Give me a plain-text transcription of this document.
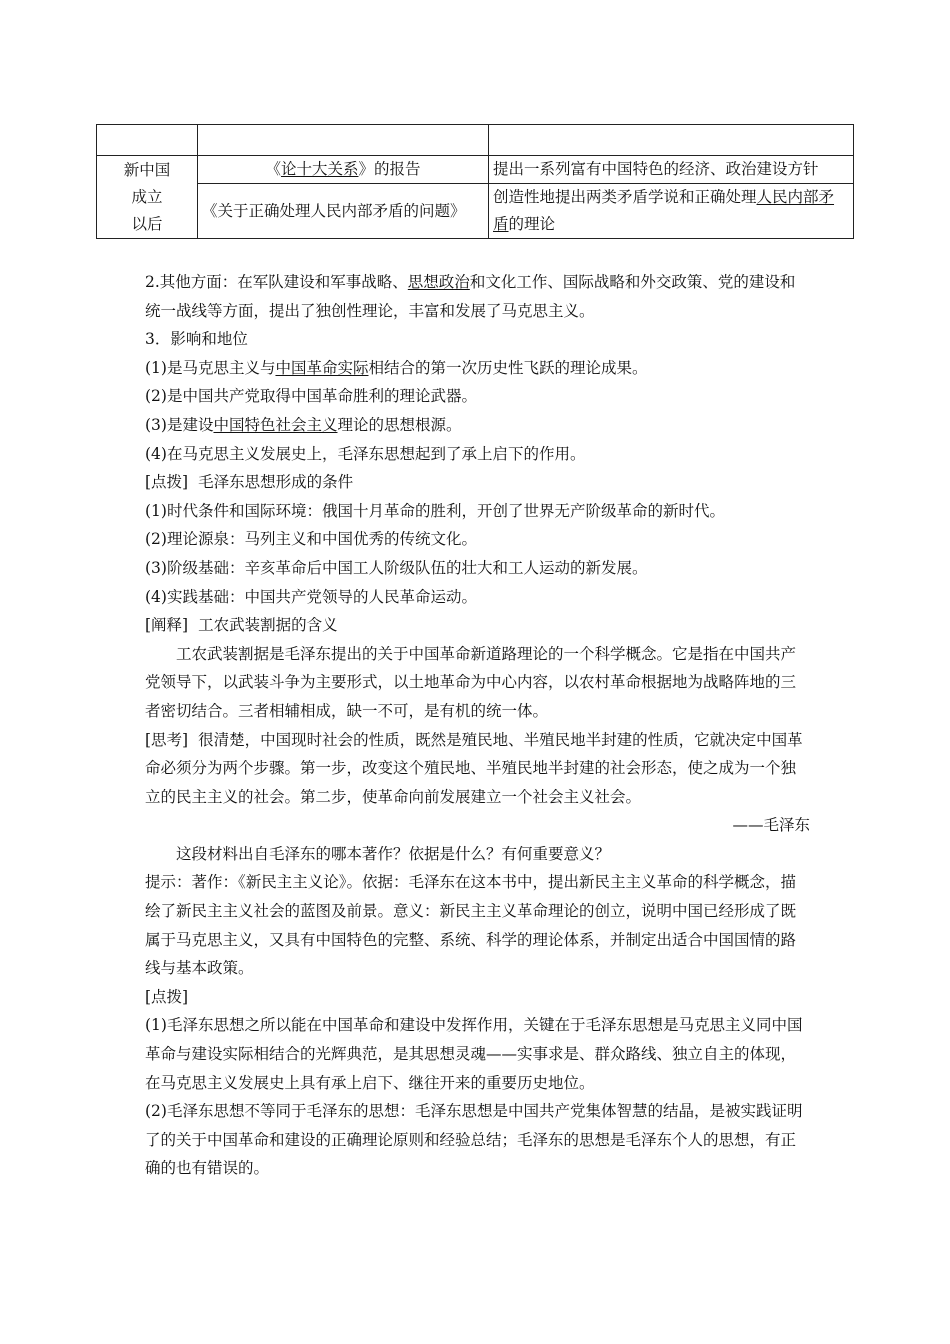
新中国
成立
以后	《论十大关系》的报告	提出一系列富有中国特色的经济、政治建设方针
	《关于正确处理人民内部矛盾的问题》	创造性地提出两类矛盾学说和正确处理人民内部矛盾的理论

2.其他方面：在军队建设和军事战略、思想政治和文化工作、国际战略和外交政策、党的建设和统一战线等方面，提出了独创性理论，丰富和发展了马克思主义。

3．影响和地位

(1)是马克思主义与中国革命实际相结合的第一次历史性飞跃的理论成果。

(2)是中国共产党取得中国革命胜利的理论武器。

(3)是建设中国特色社会主义理论的思想根源。

(4)在马克思主义发展史上，毛泽东思想起到了承上启下的作用。

[点拨] 毛泽东思想形成的条件

(1)时代条件和国际环境：俄国十月革命的胜利，开创了世界无产阶级革命的新时代。

(2)理论源泉：马列主义和中国优秀的传统文化。

(3)阶级基础：辛亥革命后中国工人阶级队伍的壮大和工人运动的新发展。

(4)实践基础：中国共产党领导的人民革命运动。

[阐释] 工农武装割据的含义

工农武装割据是毛泽东提出的关于中国革命新道路理论的一个科学概念。它是指在中国共产党领导下，以武装斗争为主要形式，以土地革命为中心内容，以农村革命根据地为战略阵地的三者密切结合。三者相辅相成，缺一不可，是有机的统一体。

[思考] 很清楚，中国现时社会的性质，既然是殖民地、半殖民地半封建的性质，它就决定中国革命必须分为两个步骤。第一步，改变这个殖民地、半殖民地半封建的社会形态，使之成为一个独立的民主主义的社会。第二步，使革命向前发展建立一个社会主义社会。

——毛泽东

这段材料出自毛泽东的哪本著作？依据是什么？有何重要意义？

提示：著作：《新民主主义论》。依据：毛泽东在这本书中，提出新民主主义革命的科学概念，描绘了新民主主义社会的蓝图及前景。意义：新民主主义革命理论的创立，说明中国已经形成了既属于马克思主义，又具有中国特色的完整、系统、科学的理论体系，并制定出适合中国国情的路线与基本政策。

[点拨]

(1)毛泽东思想之所以能在中国革命和建设中发挥作用，关键在于毛泽东思想是马克思主义同中国革命与建设实际相结合的光辉典范，是其思想灵魂——实事求是、群众路线、独立自主的体现，在马克思主义发展史上具有承上启下、继往开来的重要历史地位。

(2)毛泽东思想不等同于毛泽东的思想：毛泽东思想是中国共产党集体智慧的结晶，是被实践证明了的关于中国革命和建设的正确理论原则和经验总结；毛泽东的思想是毛泽东个人的思想，有正确的也有错误的。
